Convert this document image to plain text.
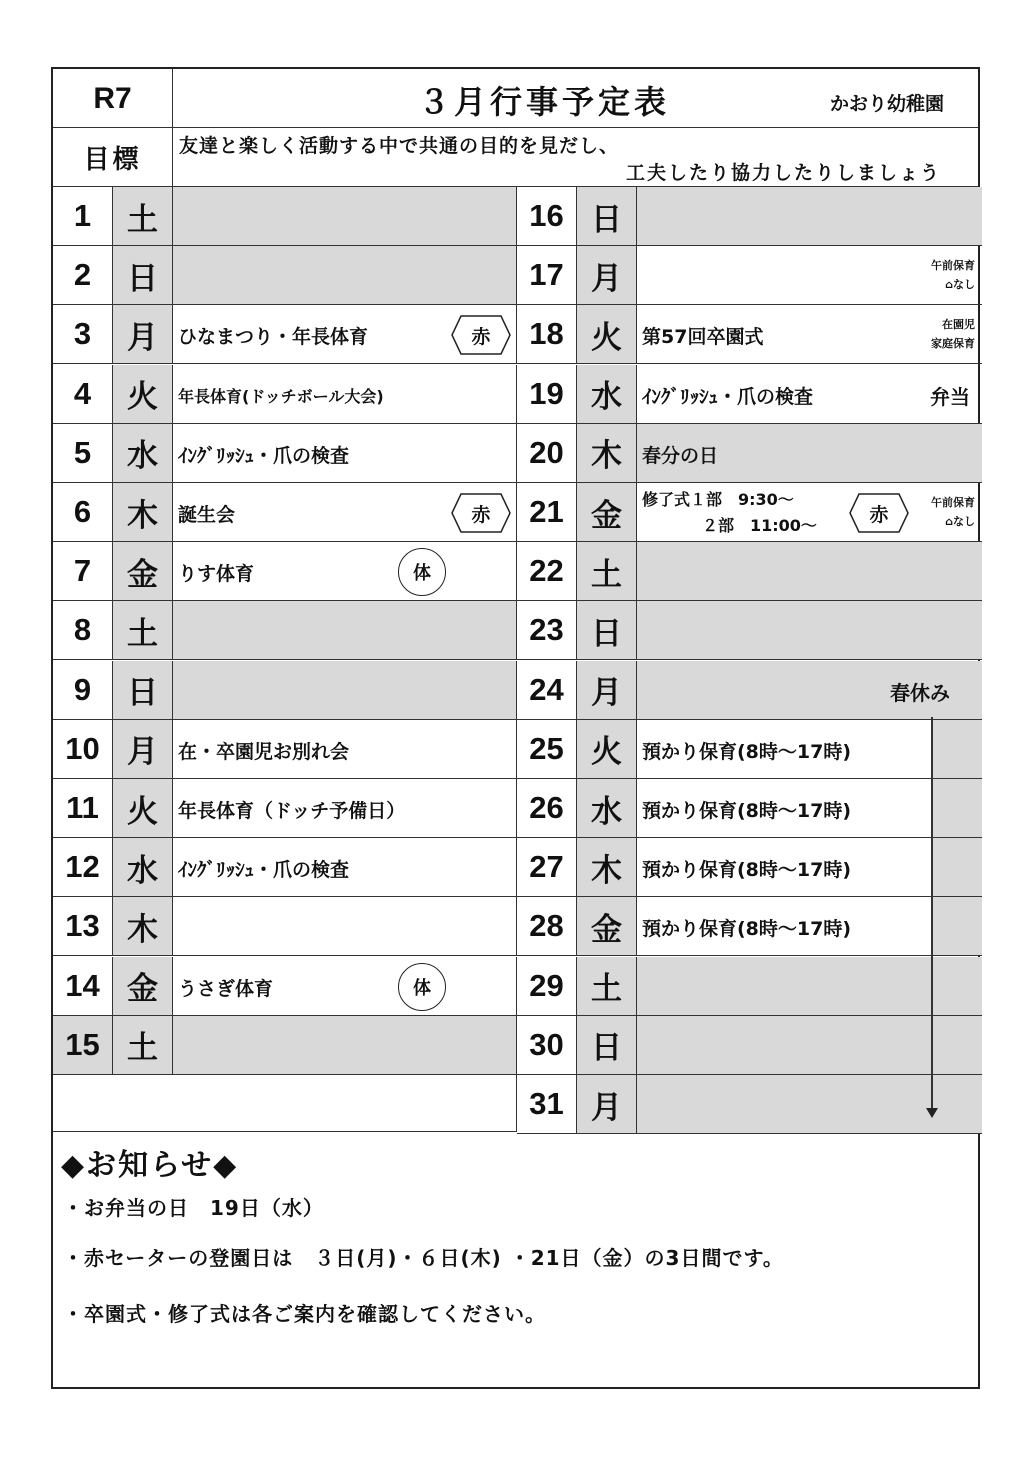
R7	３月行事予定表	かおり幼稚園
目標	友達と楽しく活動する中で共通の目的を見だし、
工夫したり協力したりしましょう
1	土
2	日
3	月	ひなまつり・年長体育	赤
4	火	年長体育(ドッチボール大会)
5	水	ｲﾝｸﾞﾘｯｼｭ・爪の検査
6	木	誕生会	赤
7	金	りす体育	体
8	土
9	日
10 月	在・卒園児お別れ会
11 火	年長体育（ドッチ予備日）
12 水	ｲﾝｸﾞﾘｯｼｭ・爪の検査
13 木
14 金	うさぎ体育	体
15 土
16 日
17 月	午前保育
⌂なし
18 火	第57回卒園式
在園児
家庭保育
19 水	ｲﾝｸﾞﾘｯｼｭ・爪の検査	弁当
20 木	春分の日
21 金	修了式１部　9:30～
２部　11:00～	赤
午前保育
⌂なし
22 土
23 日
24 月	春休み
25 火	預かり保育(8時～17時)
26 水	預かり保育(8時～17時)
27 木	預かり保育(8時～17時)
28 金	預かり保育(8時～17時)
29 土
30 日
31 月
◆お知らせ◆
・お弁当の日　19日（水）
・赤セーターの登園日は　３日(月)・６日(木) ・21日（金）の3日間です。
・卒園式・修了式は各ご案内を確認してください。
